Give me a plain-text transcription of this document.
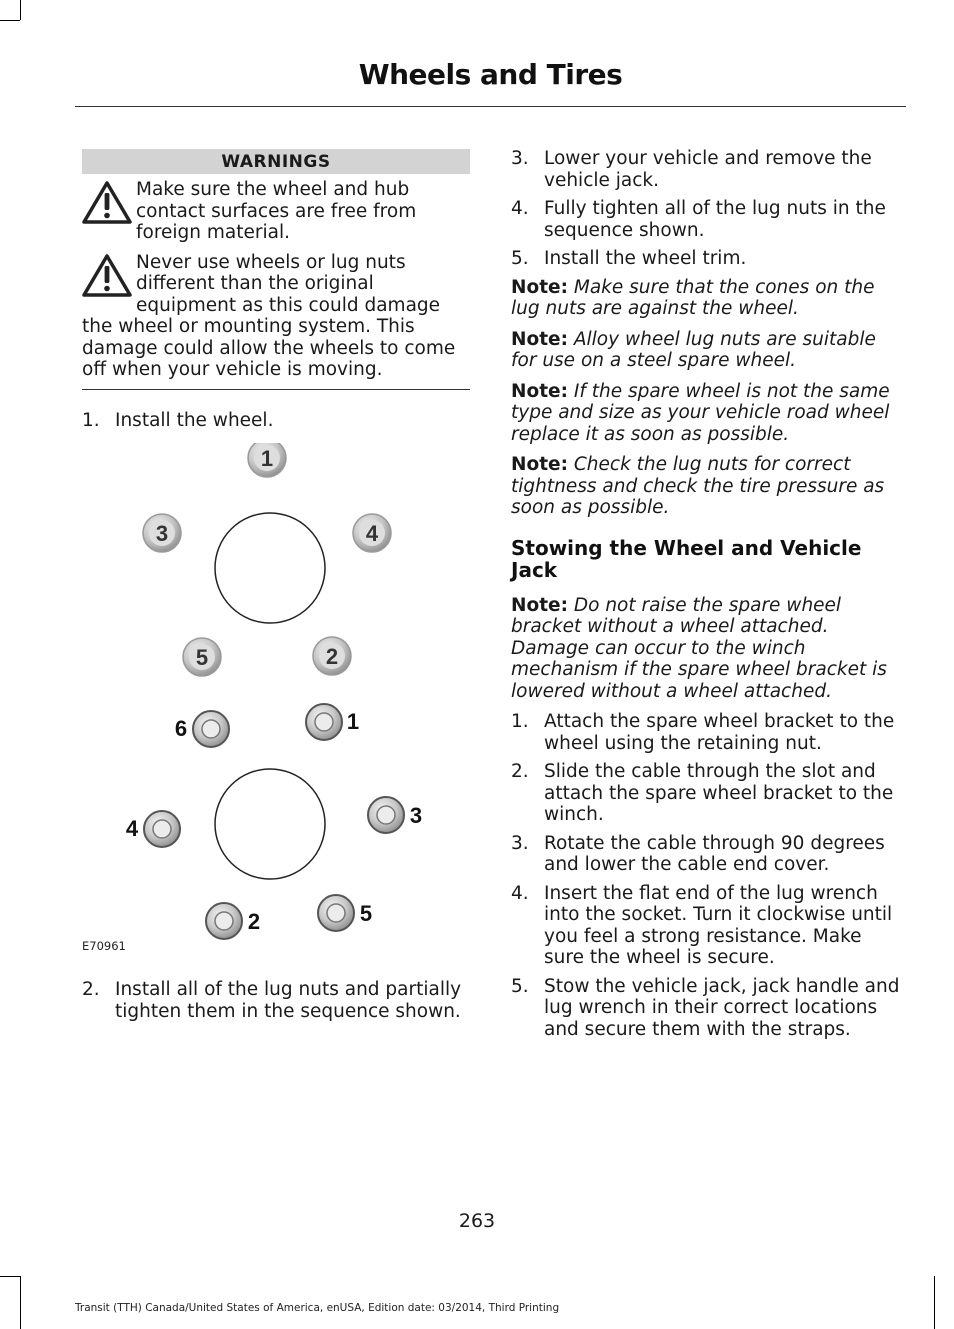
Wheels and Tires
WARNINGS

Make sure the wheel and hub contact surfaces are free from foreign material.

Never use wheels or lug nuts different than the original equipment as this could damage the wheel or mounting system. This damage could allow the wheels to come off when your vehicle is moving.

1. Install the wheel.
1
3	4
5	2
1
6
3
4
5
2
E70961
2. Install all of the lug nuts and partially tighten them in the sequence shown.
3. Lower your vehicle and remove the vehicle jack.
4. Fully tighten all of the lug nuts in the sequence shown.
5. Install the wheel trim.

Note: Make sure that the cones on the lug nuts are against the wheel.

Note: Alloy wheel lug nuts are suitable for use on a steel spare wheel.

Note: If the spare wheel is not the same type and size as your vehicle road wheel replace it as soon as possible.

Note: Check the lug nuts for correct tightness and check the tire pressure as soon as possible.

Stowing the Wheel and Vehicle Jack

Note: Do not raise the spare wheel bracket without a wheel attached. Damage can occur to the winch mechanism if the spare wheel bracket is lowered without a wheel attached.

1. Attach the spare wheel bracket to the wheel using the retaining nut.
2. Slide the cable through the slot and attach the spare wheel bracket to the winch.
3. Rotate the cable through 90 degrees and lower the cable end cover.
4. Insert the flat end of the lug wrench into the socket. Turn it clockwise until you feel a strong resistance. Make sure the wheel is secure.
5. Stow the vehicle jack, jack handle and lug wrench in their correct locations and secure them with the straps.
263
Transit (TTH) Canada/United States of America, enUSA, Edition date: 03/2014, Third Printing
